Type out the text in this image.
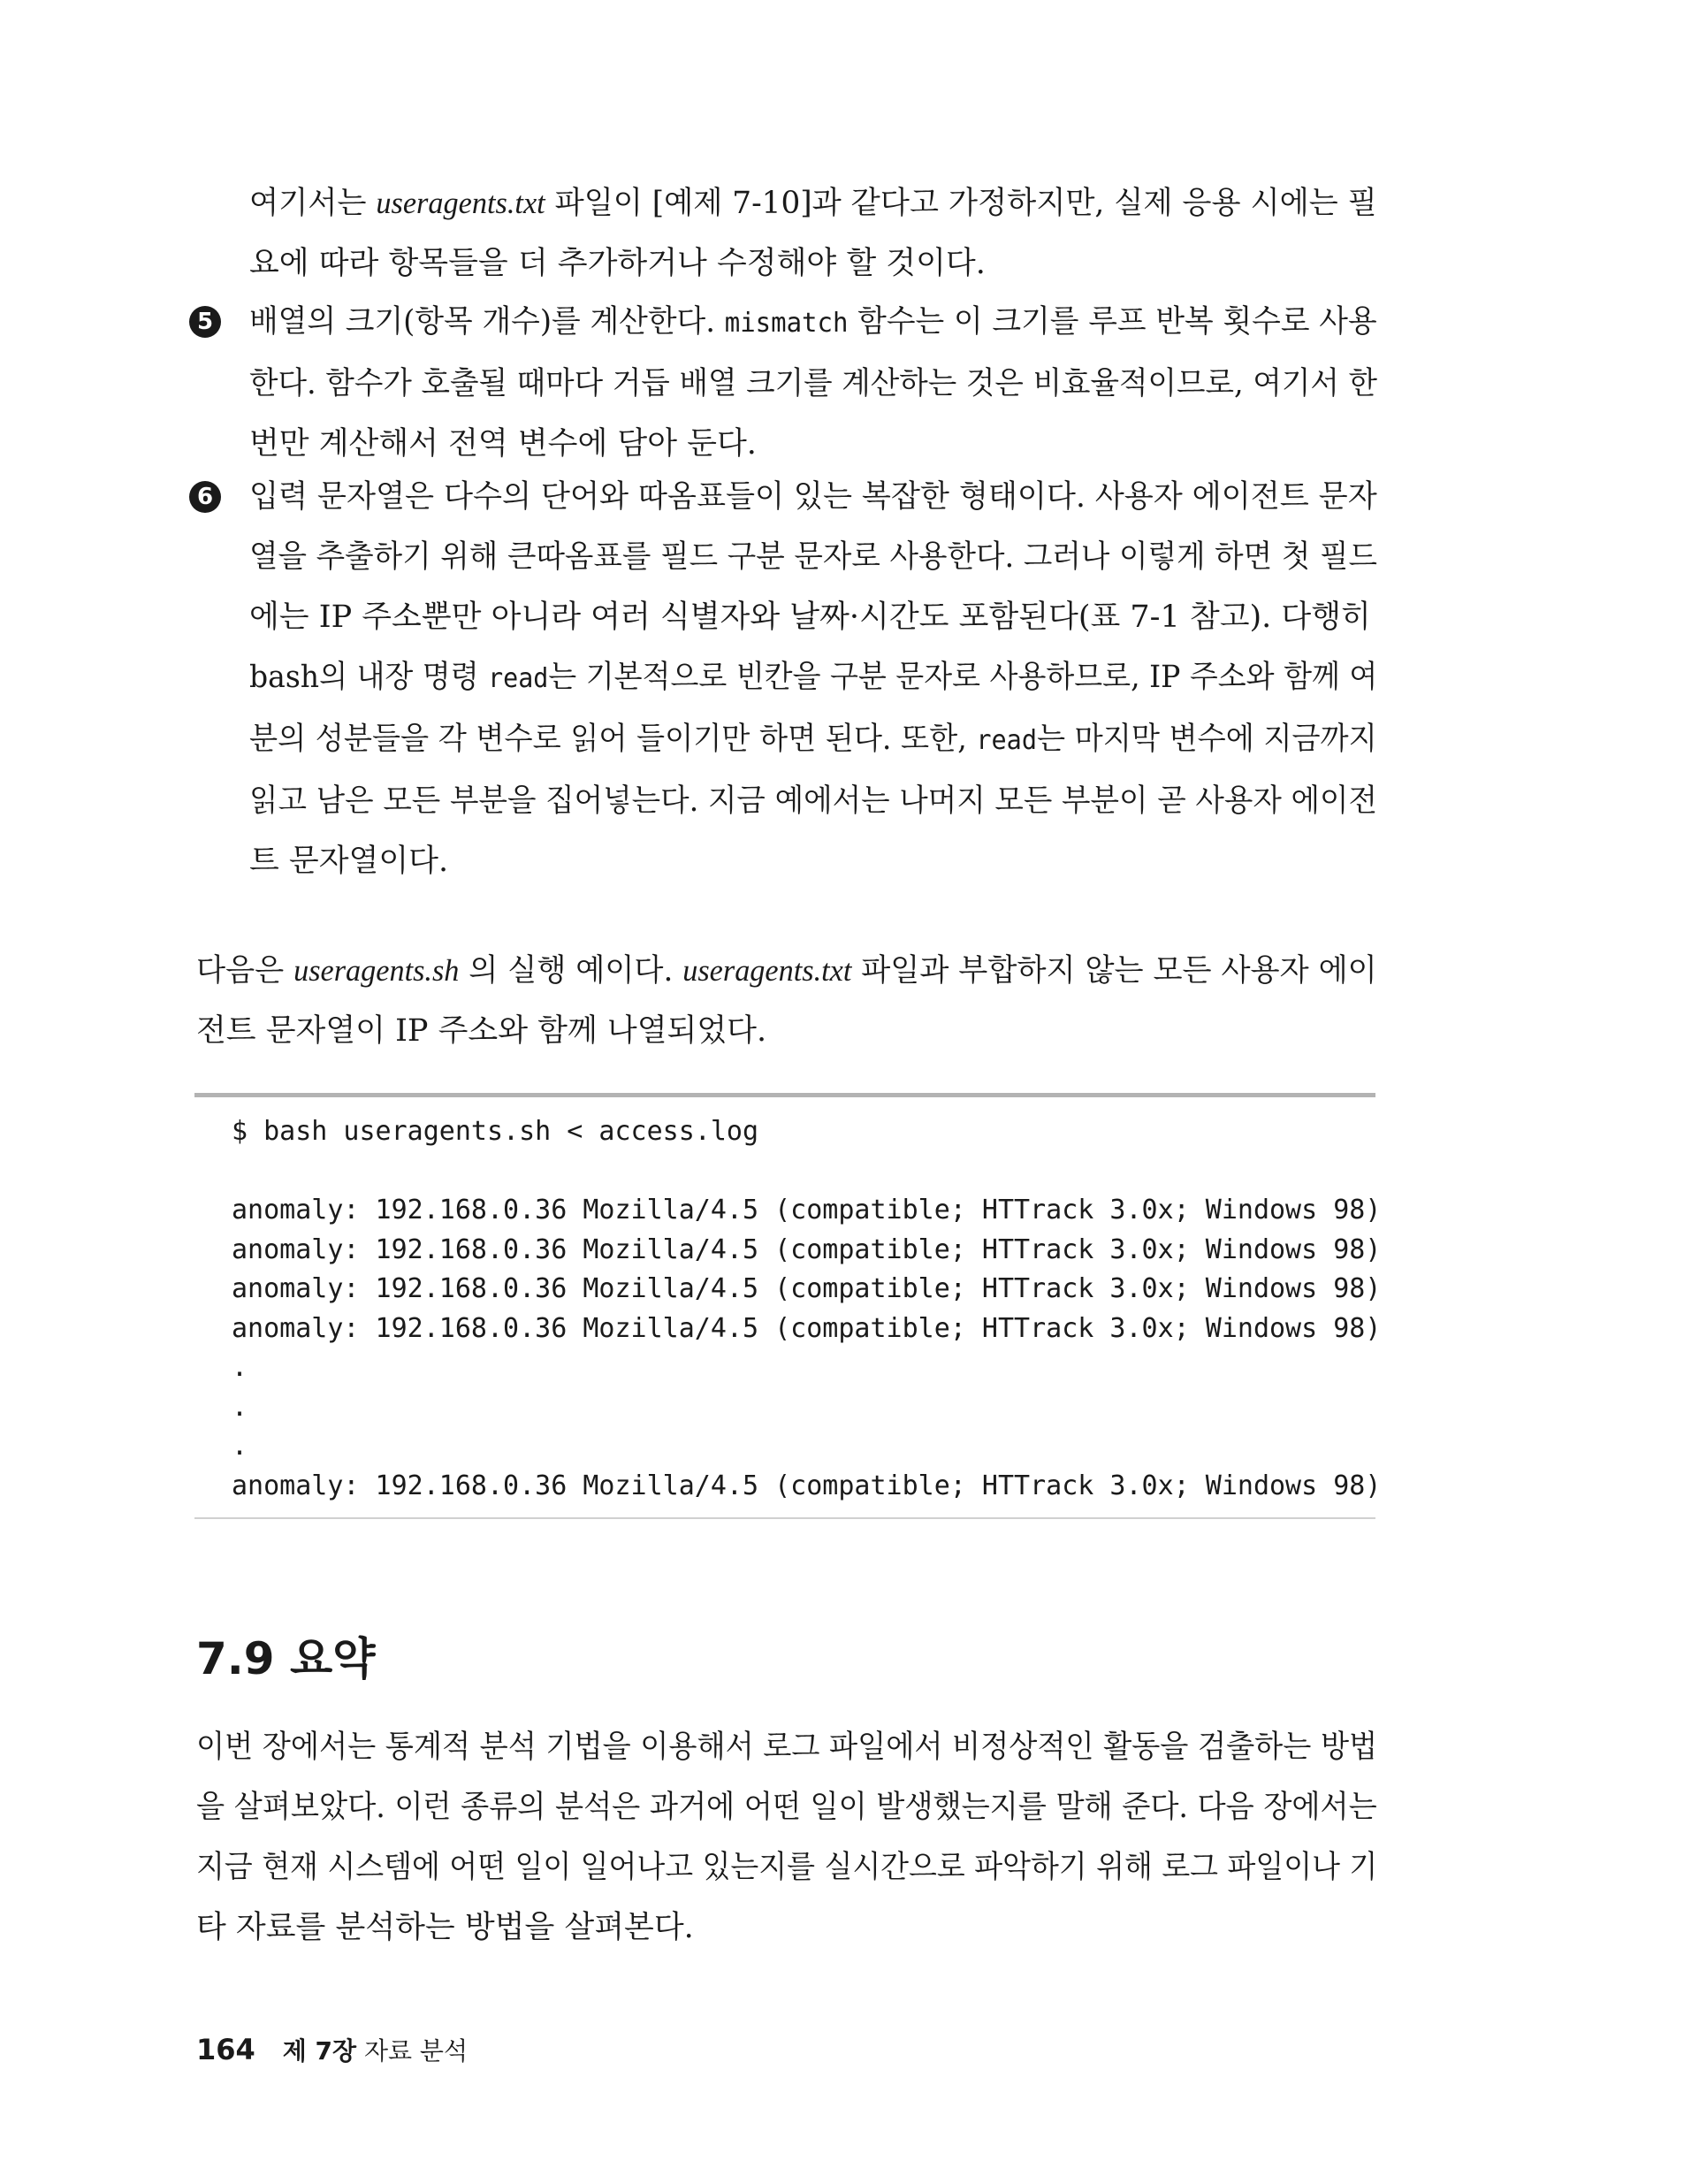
여기서는 useragents.txt 파일이 [예제 7-10]과 같다고 가정하지만, 실제 응용 시에는 필
요에 따라 항목들을 더 추가하거나 수정해야 할 것이다.
5 배열의 크기(항목 개수)를 계산한다. mismatch 함수는 이 크기를 루프 반복 횟수로 사용
한다. 함수가 호출될 때마다 거듭 배열 크기를 계산하는 것은 비효율적이므로, 여기서 한
번만 계산해서 전역 변수에 담아 둔다.
6 입력 문자열은 다수의 단어와 따옴표들이 있는 복잡한 형태이다. 사용자 에이전트 문자
열을 추출하기 위해 큰따옴표를 필드 구분 문자로 사용한다. 그러나 이렇게 하면 첫 필드
에는 IP 주소뿐만 아니라 여러 식별자와 날짜·시간도 포함된다(표 7-1 참고). 다행히
bash의 내장 명령 read는 기본적으로 빈칸을 구분 문자로 사용하므로, IP 주소와 함께 여
분의 성분들을 각 변수로 읽어 들이기만 하면 된다. 또한, read는 마지막 변수에 지금까지
읽고 남은 모든 부분을 집어넣는다. 지금 예에서는 나머지 모든 부분이 곧 사용자 에이전
트 문자열이다.
다음은 useragents.sh 의 실행 예이다. useragents.txt 파일과 부합하지 않는 모든 사용자 에이
전트 문자열이 IP 주소와 함께 나열되었다.
$ bash useragents.sh < access.log
anomaly: 192.168.0.36 Mozilla/4.5 (compatible; HTTrack 3.0x; Windows 98)
anomaly: 192.168.0.36 Mozilla/4.5 (compatible; HTTrack 3.0x; Windows 98)
anomaly: 192.168.0.36 Mozilla/4.5 (compatible; HTTrack 3.0x; Windows 98)
anomaly: 192.168.0.36 Mozilla/4.5 (compatible; HTTrack 3.0x; Windows 98)
.
.
.
anomaly: 192.168.0.36 Mozilla/4.5 (compatible; HTTrack 3.0x; Windows 98)
7.9 요약
이번 장에서는 통계적 분석 기법을 이용해서 로그 파일에서 비정상적인 활동을 검출하는 방법
을 살펴보았다. 이런 종류의 분석은 과거에 어떤 일이 발생했는지를 말해 준다. 다음 장에서는
지금 현재 시스템에 어떤 일이 일어나고 있는지를 실시간으로 파악하기 위해 로그 파일이나 기
타 자료를 분석하는 방법을 살펴본다.
164 제 7장 자료 분석
